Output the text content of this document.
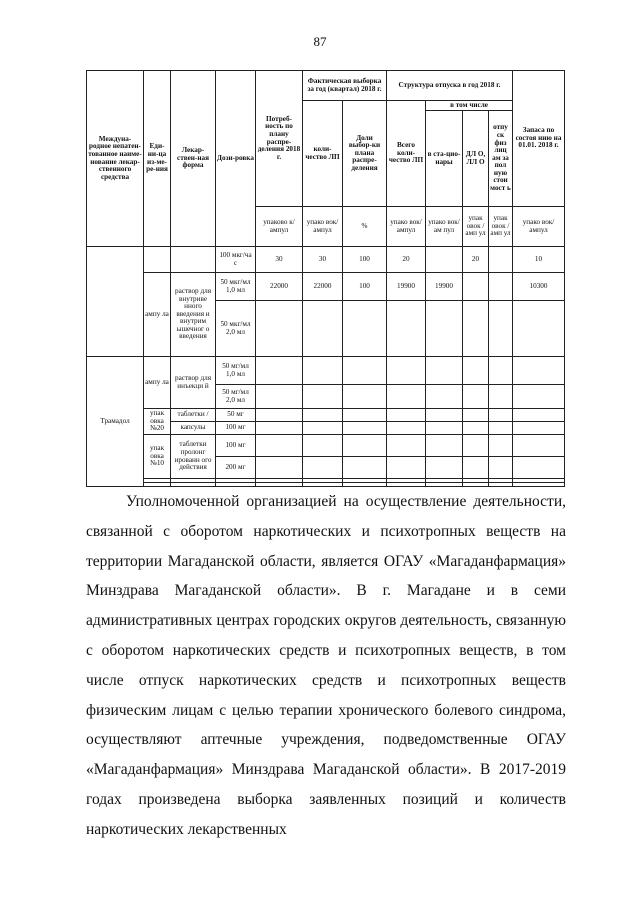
87
Междуна-родное непатен-тованное наиме-нование лекар-ственного средства	Еди-ни-ца из-ме-ре-ния	Лекар-ствен-ная форма	Дози-ровка	Потреб-ность по плану распре-деления 2018 г.	Фактическая выборка за год (квартал) 2018 г.		Структура отпуска в год 2018 г.				Запаса по состоя нию на 01.01. 2018 г.
					коли-чество ЛП	Доли выбор-ки плана распре-деления	Всего коли-чество ЛП	в том числе			
								в ста-цио-нары	ДЛ О, ЛЛ О	отпу ск физ лиц ам за пол ную стои мост ь	
				упаково к/ ампул	упако вок/ ампул	%	упако вок/ ампул	упако вок/ам пул	упак овок /амп ул	упак овок / амп ул	упако вок/ ампул
			100 мкг/ча с	30	30	100	20		20		10
	ампу ла	раствор для внутриве нного введения и внутрим ышечног о введения	50 мкг/мл 1,0 мл	22000	22000	100	19900	19900			10300
			50 мкг/мл 2,0 мл								
Трамадол	ампу ла	раствор для инъекци й	50 мг/мл 1,0 мл								
			50 мг/мл 2,0 мл								
	упак овка №20	таблетки /	50 мг								
		капсулы	100 мг								
	упак овка №10	таблетки пролонг ированн ого действия	100 мг								
			200 мг								

Уполномоченной организацией на осуществление деятельности, связанной с оборотом наркотических и психотропных веществ на территории Магаданской области, является ОГАУ «Магаданфармация» Минздрава Магаданской области». В г. Магадане и в семи административных центрах городских округов деятельность, связанную с оборотом наркотических средств и психотропных веществ, в том числе отпуск наркотических средств и психотропных веществ физическим лицам с целью терапии хронического болевого синдрома, осуществляют аптечные учреждения, подведомственные ОГАУ «Магаданфармация» Минздрава Магаданской области». В 2017-2019 годах произведена выборка заявленных позиций и количеств наркотических лекарственных
